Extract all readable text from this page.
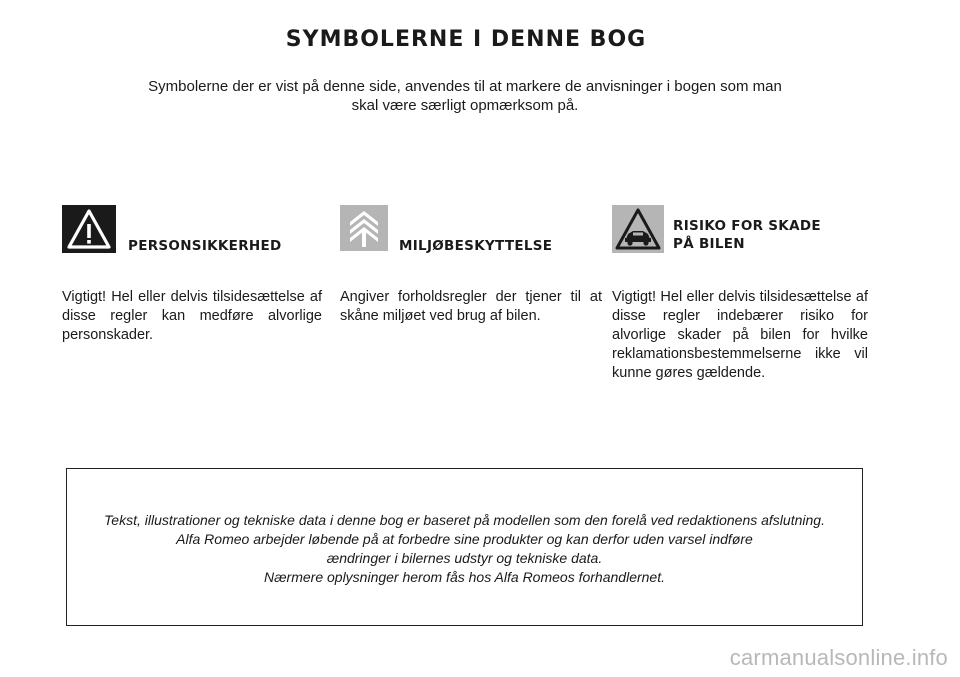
SYMBOLERNE I DENNE BOG
Symbolerne der er vist på denne side, anvendes til at markere de anvisninger i bogen som man skal være særligt opmærksom på.
PERSONSIKKERHED
Vigtigt! Hel eller delvis tilsidesættelse af disse regler kan medføre alvorlige personskader.
MILJØBESKYTTELSE
Angiver forholdsregler der tjener til at skåne miljøet ved brug af bilen.
RISIKO FOR SKADE
PÅ BILEN
Vigtigt! Hel eller delvis tilsidesættelse af disse regler indebærer risiko for alvorlige skader på bilen for hvilke reklamationsbestemmelserne ikke vil kunne gøres gældende.
Tekst, illustrationer og tekniske data i denne bog er baseret på modellen som den forelå ved redaktionens afslutning.
Alfa Romeo arbejder løbende på at forbedre sine produkter og kan derfor uden varsel indføre
ændringer i bilernes udstyr og tekniske data.
Nærmere oplysninger herom fås hos Alfa Romeos forhandlernet.
carmanualsonline.info
